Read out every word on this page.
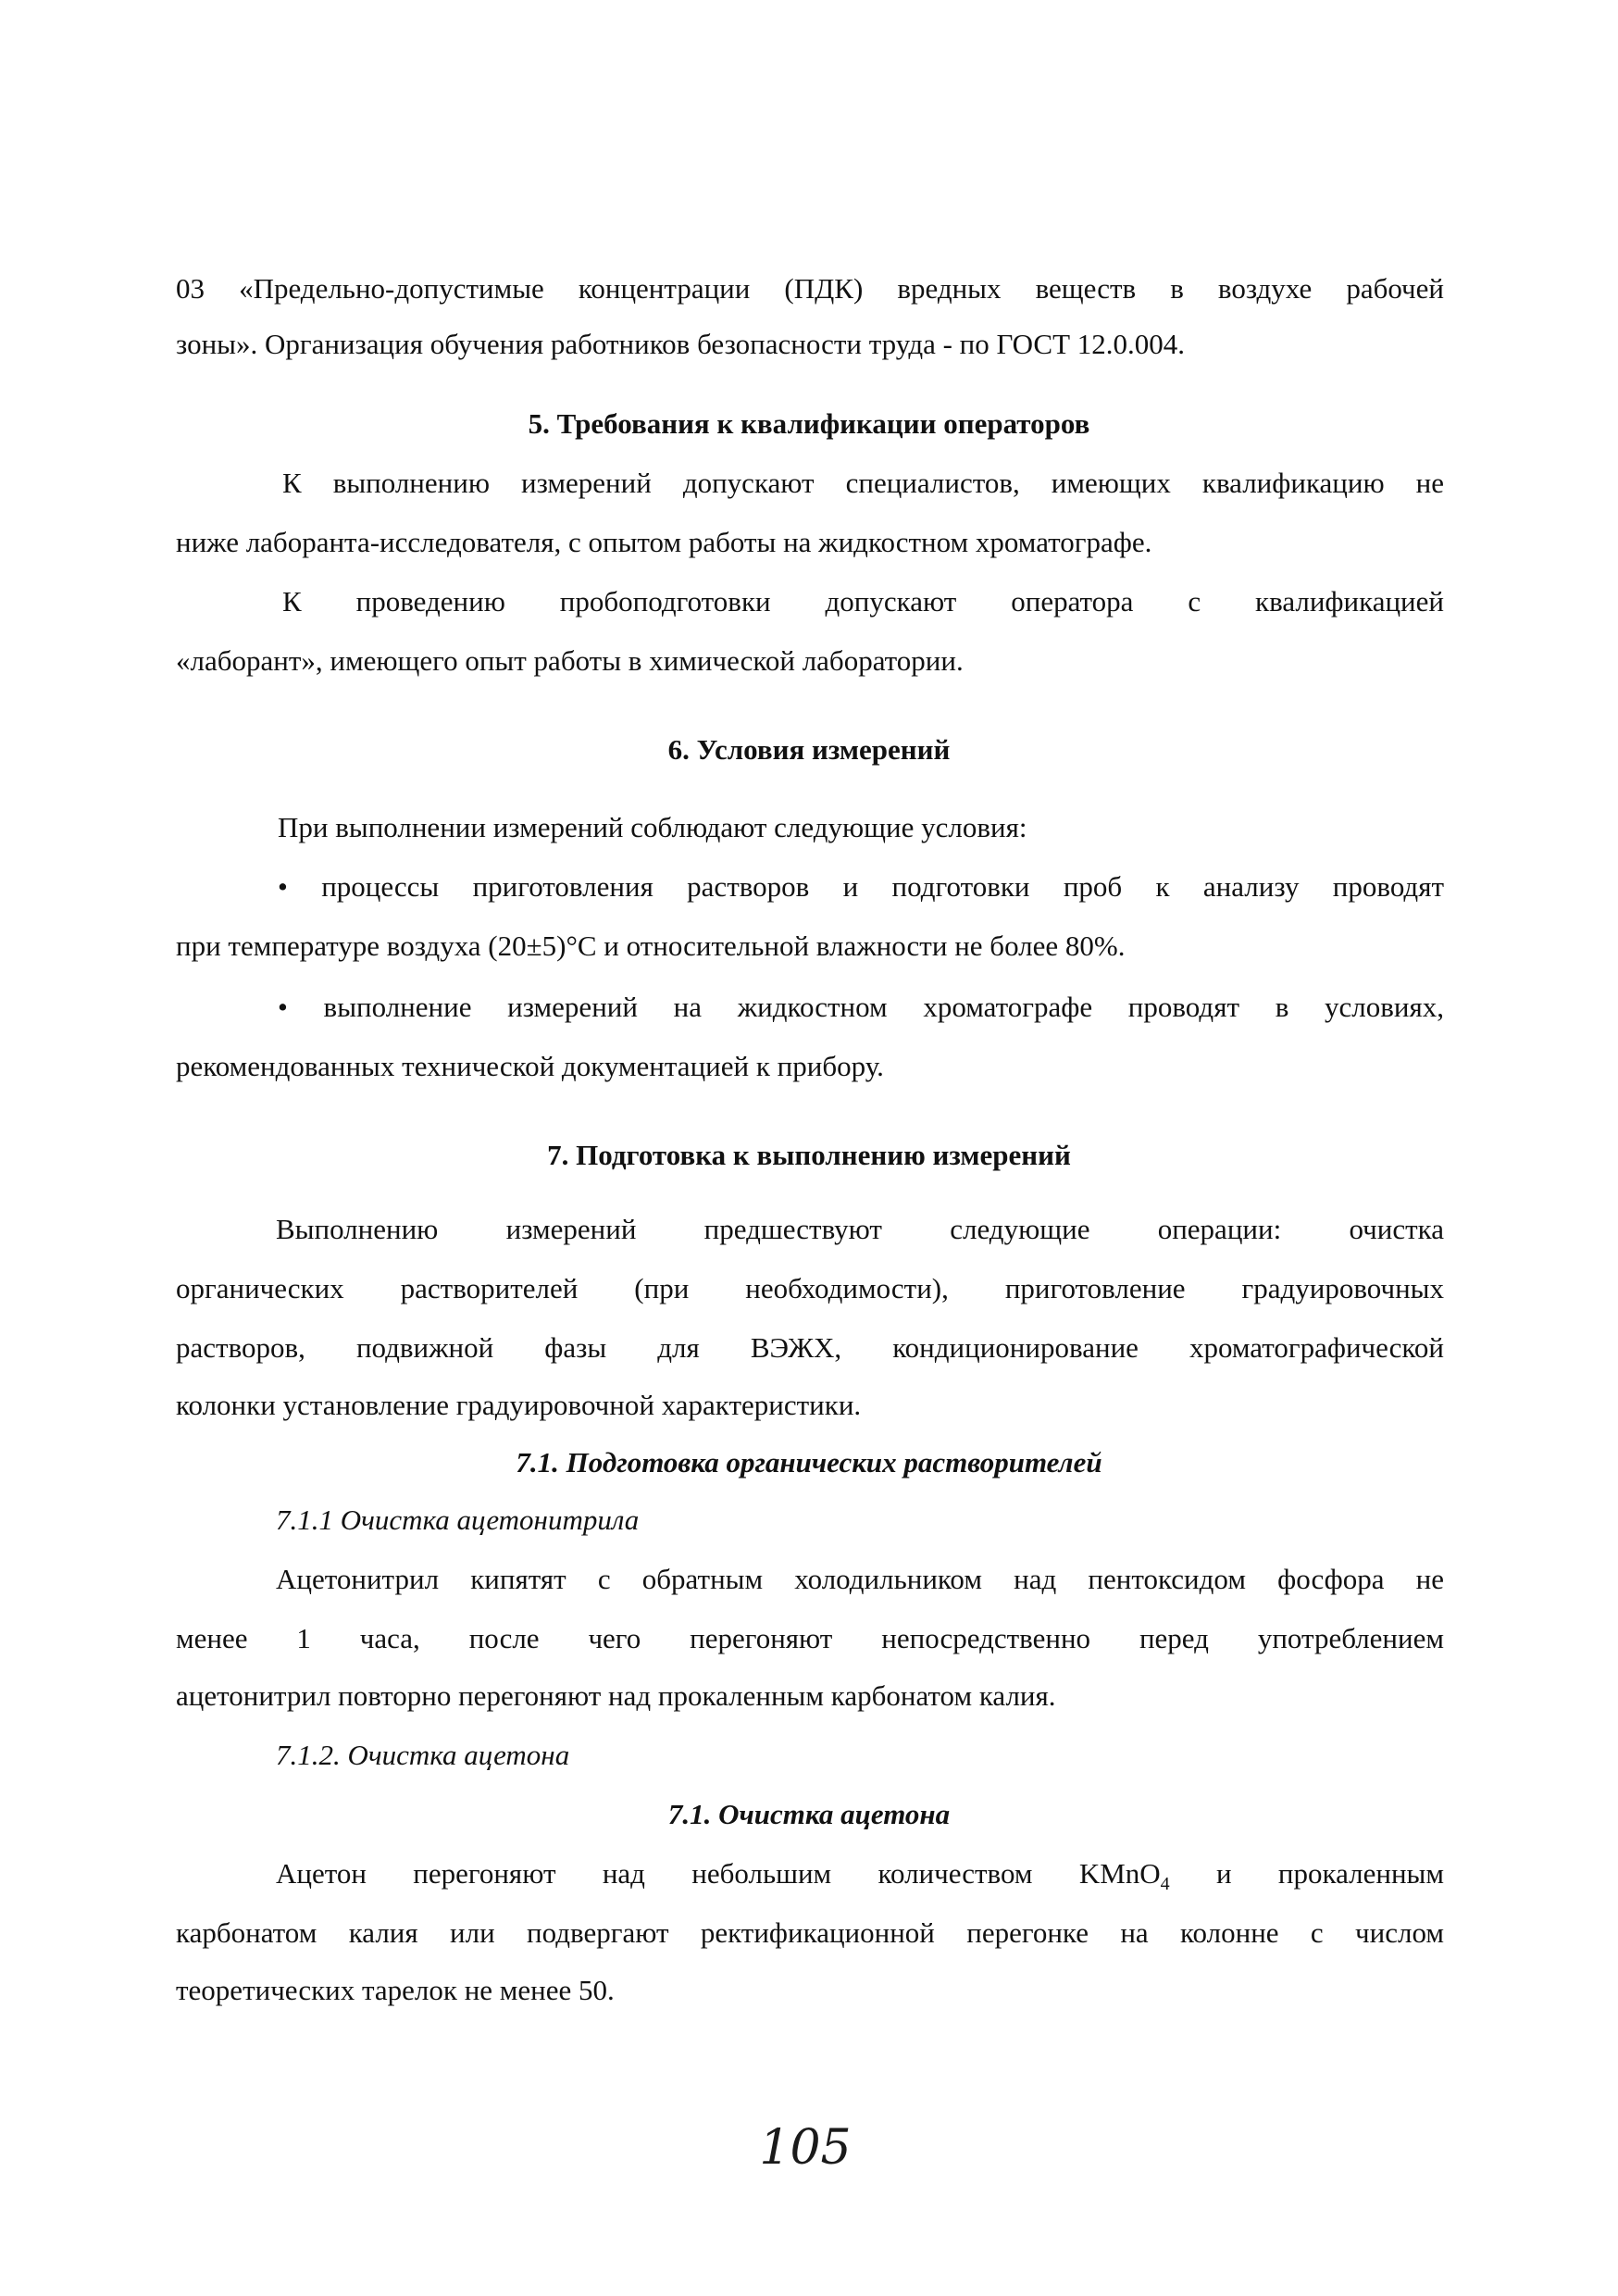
03 «Предельно-допустимые концентрации (ПДК) вредных веществ в воздухе рабочей
зоны». Организация обучения работников безопасности труда - по ГОСТ 12.0.004.
5. Требования к квалификации операторов
К выполнению измерений допускают специалистов, имеющих квалификацию не
ниже лаборанта-исследователя, с опытом работы на жидкостном хроматографе.
К проведению пробоподготовки допускают оператора с квалификацией
«лаборант», имеющего опыт работы в химической лаборатории.
6. Условия измерений
При выполнении измерений соблюдают следующие условия:
• процессы приготовления растворов и подготовки проб к анализу проводят
при температуре воздуха (20±5)°С и относительной влажности не более 80%.
• выполнение измерений на жидкостном хроматографе проводят в условиях,
рекомендованных технической документацией к прибору.
7. Подготовка к выполнению измерений
Выполнению измерений предшествуют следующие операции: очистка
органических растворителей (при необходимости), приготовление градуировочных
растворов, подвижной фазы для ВЭЖХ, кондиционирование хроматографической
колонки установление градуировочной характеристики.
7.1. Подготовка органических растворителей
7.1.1 Очистка ацетонитрила
Ацетонитрил кипятят с обратным холодильником над пентоксидом фосфора не
менее 1 часа, после чего перегоняют непосредственно перед употреблением
ацетонитрил повторно перегоняют над прокаленным карбонатом калия.
7.1.2. Очистка ацетона
7.1. Очистка ацетона
Ацетон перегоняют над небольшим количеством KMnO$_4$ и прокаленным
карбонатом калия или подвергают ректификационной перегонке на колонне с числом
теоретических тарелок не менее 50.
105
